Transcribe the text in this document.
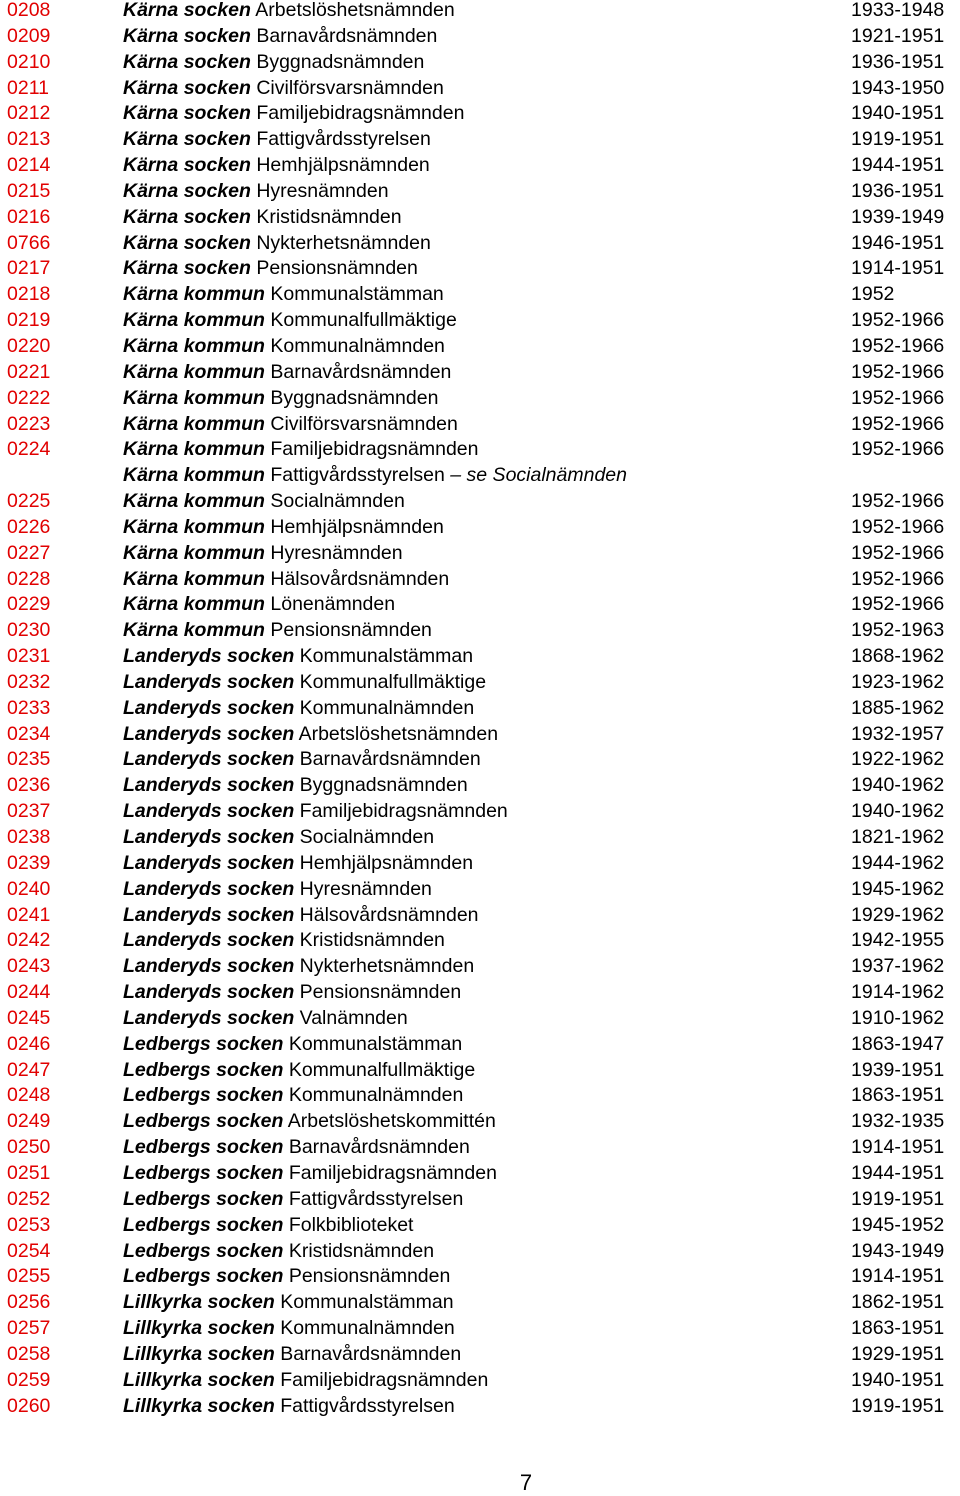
0208	Kärna socken Arbetslöshetsnämnden	1933-1948
0209	Kärna socken Barnavårdsnämnden	1921-1951
0210	Kärna socken Byggnadsnämnden	1936-1951
0211	Kärna socken Civilförsvarsnämnden	1943-1950
0212	Kärna socken Familjebidragsnämnden	1940-1951
0213	Kärna socken Fattigvårdsstyrelsen	1919-1951
0214	Kärna socken Hemhjälpsnämnden	1944-1951
0215	Kärna socken Hyresnämnden	1936-1951
0216	Kärna socken Kristidsnämnden	1939-1949
0766	Kärna socken Nykterhetsnämnden	1946-1951
0217	Kärna socken Pensionsnämnden	1914-1951
0218	Kärna kommun Kommunalstämman	1952
0219	Kärna kommun Kommunalfullmäktige	1952-1966
0220	Kärna kommun Kommunalnämnden	1952-1966
0221	Kärna kommun Barnavårdsnämnden	1952-1966
0222	Kärna kommun Byggnadsnämnden	1952-1966
0223	Kärna kommun Civilförsvarsnämnden	1952-1966
0224	Kärna kommun Familjebidragsnämnden	1952-1966
Kärna kommun Fattigvårdsstyrelsen – se Socialnämnden
0225	Kärna kommun Socialnämnden	1952-1966
0226	Kärna kommun Hemhjälpsnämnden	1952-1966
0227	Kärna kommun Hyresnämnden	1952-1966
0228	Kärna kommun Hälsovårdsnämnden	1952-1966
0229	Kärna kommun Lönenämnden	1952-1966
0230	Kärna kommun Pensionsnämnden	1952-1963
0231	Landeryds socken Kommunalstämman	1868-1962
0232	Landeryds socken Kommunalfullmäktige	1923-1962
0233	Landeryds socken Kommunalnämnden	1885-1962
0234	Landeryds socken Arbetslöshetsnämnden	1932-1957
0235	Landeryds socken Barnavårdsnämnden	1922-1962
0236	Landeryds socken Byggnadsnämnden	1940-1962
0237	Landeryds socken Familjebidragsnämnden	1940-1962
0238	Landeryds socken Socialnämnden	1821-1962
0239	Landeryds socken Hemhjälpsnämnden	1944-1962
0240	Landeryds socken Hyresnämnden	1945-1962
0241	Landeryds socken Hälsovårdsnämnden	1929-1962
0242	Landeryds socken Kristidsnämnden	1942-1955
0243	Landeryds socken Nykterhetsnämnden	1937-1962
0244	Landeryds socken Pensionsnämnden	1914-1962
0245	Landeryds socken Valnämnden	1910-1962
0246	Ledbergs socken Kommunalstämman	1863-1947
0247	Ledbergs socken Kommunalfullmäktige	1939-1951
0248	Ledbergs socken Kommunalnämnden	1863-1951
0249	Ledbergs socken Arbetslöshetskommittén	1932-1935
0250	Ledbergs socken Barnavårdsnämnden	1914-1951
0251	Ledbergs socken Familjebidragsnämnden	1944-1951
0252	Ledbergs socken Fattigvårdsstyrelsen	1919-1951
0253	Ledbergs socken Folkbiblioteket	1945-1952
0254	Ledbergs socken Kristidsnämnden	1943-1949
0255	Ledbergs socken Pensionsnämnden	1914-1951
0256	Lillkyrka socken Kommunalstämman	1862-1951
0257	Lillkyrka socken Kommunalnämnden	1863-1951
0258	Lillkyrka socken Barnavårdsnämnden	1929-1951
0259	Lillkyrka socken Familjebidragsnämnden	1940-1951
0260	Lillkyrka socken Fattigvårdsstyrelsen	1919-1951
7
